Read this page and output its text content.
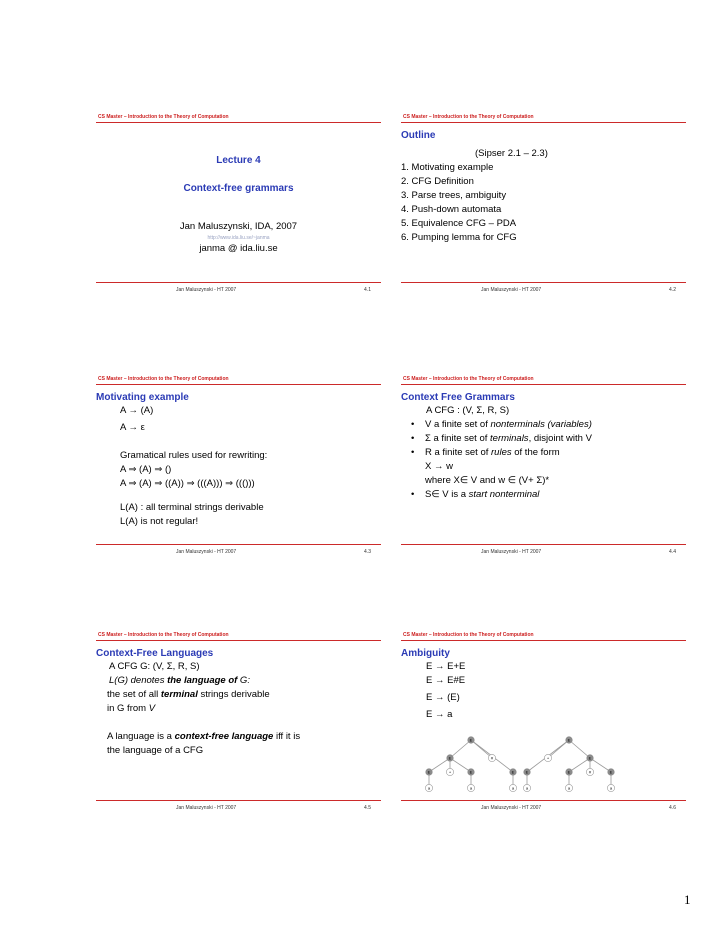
CS Master – Introduction to the Theory of Computation
Lecture 4
Context-free grammars
Jan Maluszynski, IDA, 2007
http://www.ida.liu.se/~janma
janma @ ida.liu.se
Jan Maluszynski - HT 2007	4.1
CS Master – Introduction to the Theory of Computation
Outline
(Sipser 2.1 – 2.3)
1. Motivating example
2. CFG Definition
3. Parse trees, ambiguity
4. Push-down automata
5. Equivalence CFG – PDA
6. Pumping lemma for CFG
Jan Maluszynski - HT 2007	4.2
CS Master – Introduction to the Theory of Computation
Motivating example
A → (A)
A → ε
Gramatical rules used for rewriting:
A ⇒ (A) ⇒ ()
A ⇒ (A) ⇒ ((A)) ⇒ (((A))) ⇒ ((()))
L(A) : all terminal strings derivable
L(A) is not regular!
Jan Maluszynski - HT 2007	4.3
CS Master – Introduction to the Theory of Computation
Context Free Grammars
A CFG : (V, Σ, R, S)
• V a finite set of nonterminals (variables)
• Σ a finite set of terminals, disjoint with V
• R a finite set of rules of the form
X → w
where X∈ V and w ∈ (V+ Σ)*
• S∈ V is a start nonterminal
Jan Maluszynski - HT 2007	4.4
CS Master – Introduction to the Theory of Computation
Context-Free Languages
A CFG G: (V, Σ, R, S)
L(G) denotes the language of G:
the set of all terminal strings derivable
in G from V
A language is a context-free language iff it is
the language of a CFG
Jan Maluszynski - HT 2007	4.5
CS Master – Introduction to the Theory of Computation
Ambiguity
E → E+E
E → E#E
E → (E)
E → a
E
E	#
E	+	E	E
a	a	a
E
+	E
E	E	#	E
a	a	a
Jan Maluszynski - HT 2007	4.6
1
